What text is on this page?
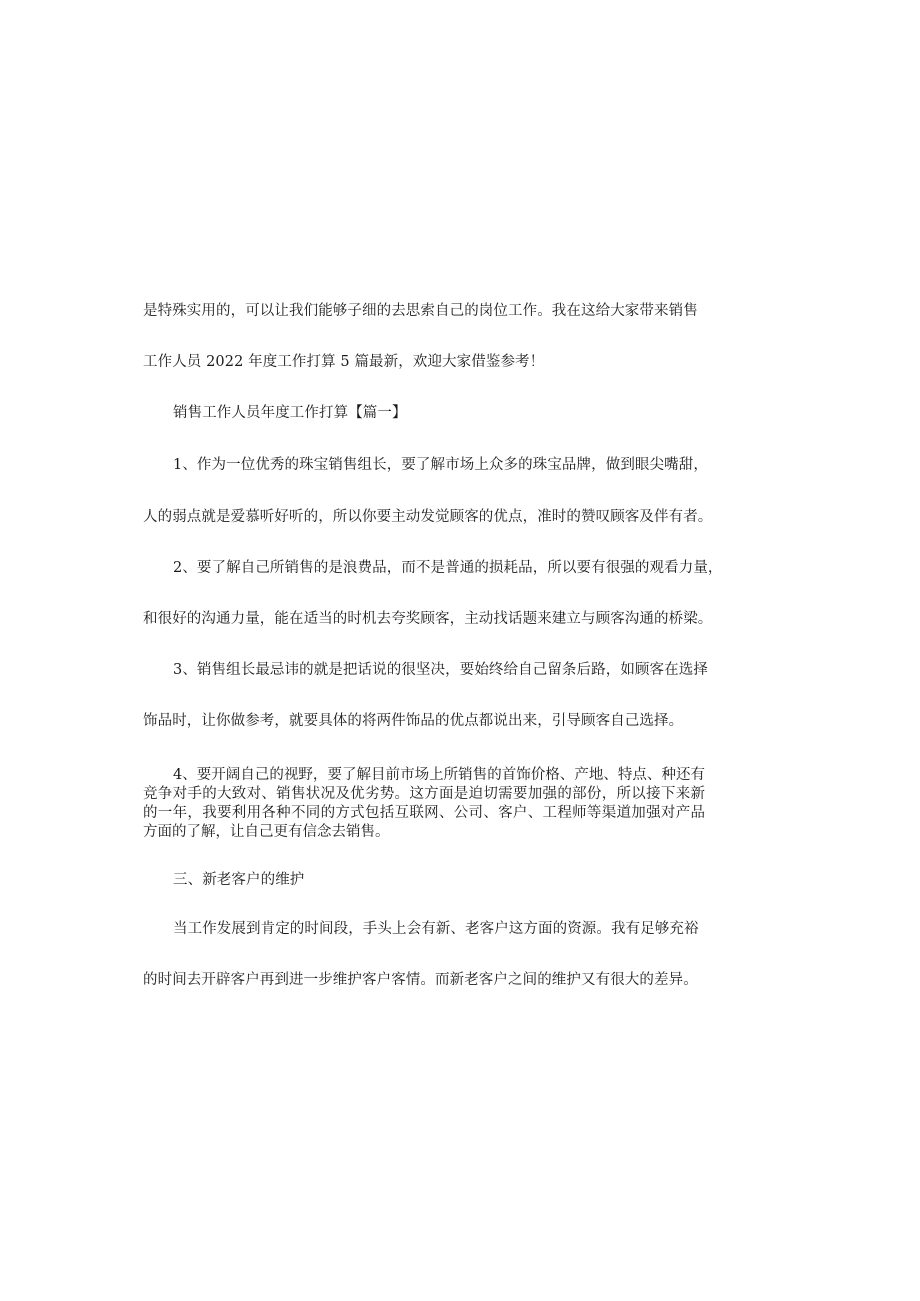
是特殊实用的，可以让我们能够子细的去思索自己的岗位工作。我在这给大家带来销售
工作人员 2022 年度工作打算 5 篇最新，欢迎大家借鉴参考！
销售工作人员年度工作打算【篇一】
1、作为一位优秀的珠宝销售组长，要了解市场上众多的珠宝品牌，做到眼尖嘴甜，
人的弱点就是爱慕听好听的，所以你要主动发觉顾客的优点，准时的赞叹顾客及伴有者。
2、要了解自己所销售的是浪费品，而不是普通的损耗品，所以要有很强的观看力量，
和很好的沟通力量，能在适当的时机去夸奖顾客，主动找话题来建立与顾客沟通的桥梁。
3、销售组长最忌讳的就是把话说的很坚决，要始终给自己留条后路，如顾客在选择
饰品时，让你做参考，就要具体的将两件饰品的优点都说出来，引导顾客自己选择。
4、要开阔自己的视野，要了解目前市场上所销售的首饰价格、产地、特点、种还有竞争对手的大致对、销售状况及优劣势。这方面是迫切需要加强的部份，所以接下来新的一年，我要利用各种不同的方式包括互联网、公司、客户、工程师等渠道加强对产品方面的了解，让自己更有信念去销售。
三、新老客户的维护
当工作发展到肯定的时间段，手头上会有新、老客户这方面的资源。我有足够充裕
的时间去开辟客户再到进一步维护客户客情。而新老客户之间的维护又有很大的差异。
